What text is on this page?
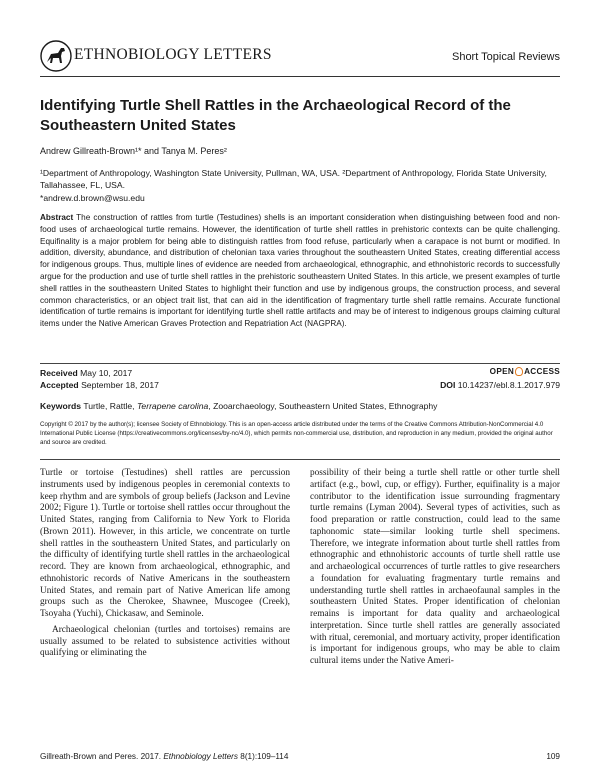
ETHNOBIOLOGY LETTERS	Short Topical Reviews
Identifying Turtle Shell Rattles in the Archaeological Record of the Southeastern United States
Andrew Gillreath-Brown¹* and Tanya M. Peres²
¹Department of Anthropology, Washington State University, Pullman, WA, USA. ²Department of Anthropology, Florida State University, Tallahassee, FL, USA.
*andrew.d.brown@wsu.edu
Abstract The construction of rattles from turtle (Testudines) shells is an important consideration when distinguishing between food and non-food uses of archaeological turtle remains. However, the identification of turtle shell rattles in prehistoric contexts can be quite challenging. Equifinality is a major problem for being able to distinguish rattles from food refuse, particularly when a carapace is not burnt or modified. In addition, diversity, abundance, and distribution of chelonian taxa varies throughout the southeastern United States, creating differential access for indigenous groups. Thus, multiple lines of evidence are needed from archaeological, ethnographic, and ethnohistoric records to successfully argue for the production and use of turtle shell rattles in the prehistoric southeastern United States. In this article, we present examples of turtle shell rattles in the southeastern United States to highlight their function and use by indigenous groups, the construction process, and several common characteristics, or an object trait list, that can aid in the identification of fragmentary turtle shell rattle remains. Accurate functional identification of turtle remains is important for identifying turtle shell rattle artifacts and may be of interest to indigenous groups claiming cultural items under the Native American Graves Protection and Repatriation Act (NAGPRA).
Received May 10, 2017
Accepted September 18, 2017
OPEN ACCESS
DOI 10.14237/ebl.8.1.2017.979
Keywords Turtle, Rattle, Terrapene carolina, Zooarchaeology, Southeastern United States, Ethnography
Copyright © 2017 by the author(s); licensee Society of Ethnobiology. This is an open-access article distributed under the terms of the Creative Commons Attribution-NonCommercial 4.0 International Public License (https://creativecommons.org/licenses/by-nc/4.0), which permits non-commercial use, distribution, and reproduction in any medium, provided the original author and source are credited.

Turtle or tortoise (Testudines) shell rattles are percussion instruments used by indigenous peoples in ceremonial contexts to keep rhythm and are symbols of group beliefs (Jackson and Levine 2002; Figure 1). Turtle or tortoise shell rattles occur throughout the United States, ranging from California to New York to Florida (Brown 2011). However, in this article, we concentrate on turtle shell rattles in the southeastern United States, and particularly on the difficulty of identifying turtle shell rattles in the archaeological record. They are known from archaeological, ethnographic, and ethnohistoric records of Native Americans in the southeastern United States, and remain part of Native American life among groups such as the Cherokee, Shawnee, Muscogee (Creek), Tsoyaha (Yuchi), Chickasaw, and Seminole.

Archaeological chelonian (turtles and tortoises) remains are usually assumed to be related to subsistence activities without qualifying or eliminating the

possibility of their being a turtle shell rattle or other turtle shell artifact (e.g., bowl, cup, or effigy). Further, equifinality is a major contributor to the identification issue surrounding fragmentary turtle remains (Lyman 2004). Several types of activities, such as food preparation or rattle construction, could lead to the same taphonomic state—similar looking turtle shell specimens. Therefore, we integrate information about turtle shell rattles from ethnographic and ethnohistoric accounts of turtle shell rattle use and archaeological occurrences of turtle rattles to give researchers a foundation for evaluating fragmentary turtle remains and understanding turtle shell rattles in archaeofaunal samples in the southeastern United States. Proper identification of chelonian remains is important for data quality and archaeological interpretation. Since turtle shell rattles are generally associated with ritual, ceremonial, and mortuary activity, proper identification is important for indigenous groups, who may be able to claim cultural items under the Native Ameri-

Gillreath-Brown and Peres. 2017. Ethnobiology Letters 8(1):109–114	109
